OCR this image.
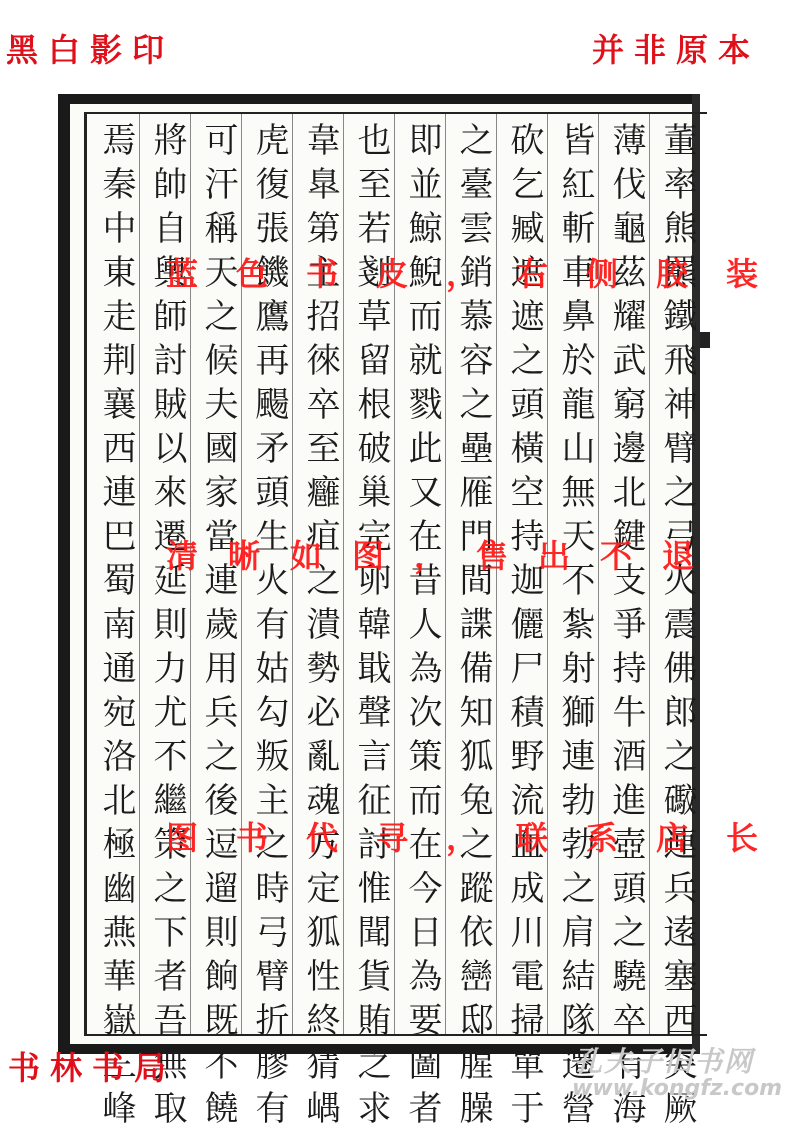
董率熊羆鐵飛神臂之弓火震佛郎之礮連兵逺塞西突厥
薄伐龜茲耀武窮邊北鍵支爭持牛酒進壺頭之驍卒有海
皆紅斬車鼻於龍山無天不紮射獅連勃勃之肩結隊遷營
砍乞臧遮遮之頭橫空持迦儷尸積野流血成川電掃單于
之臺雲銷慕容之壘雁門間諜備知狐兔之蹤依巒邸腥臊
即並鯨鯢而就戮此又在昔人為次策而在今日為要圖者
也至若剗草留根破巢完卵韓戢聲言征討惟聞貨賄之求
韋臯第主招徠卒至癰疽之潰勢必亂魂方定狐性終猜嵎
虎復張饑鷹再颺矛頭生火有姑勾叛主之時弓臂折膠有
可汗稱天之候夫國家當連歲用兵之後逗遛則餉既不饒
將帥自輿師討賊以來遷延則力尤不繼策之下者吾無取
焉秦中東走荆襄西連巴蜀南通宛洛北極幽燕華嶽三峰
黑白影印	并非原本
书林书局
蓝色书皮，右侧胶装
清晰如图，售出不退
图书代寻，联系店长
孔夫子旧书网
www.kongfz.com
